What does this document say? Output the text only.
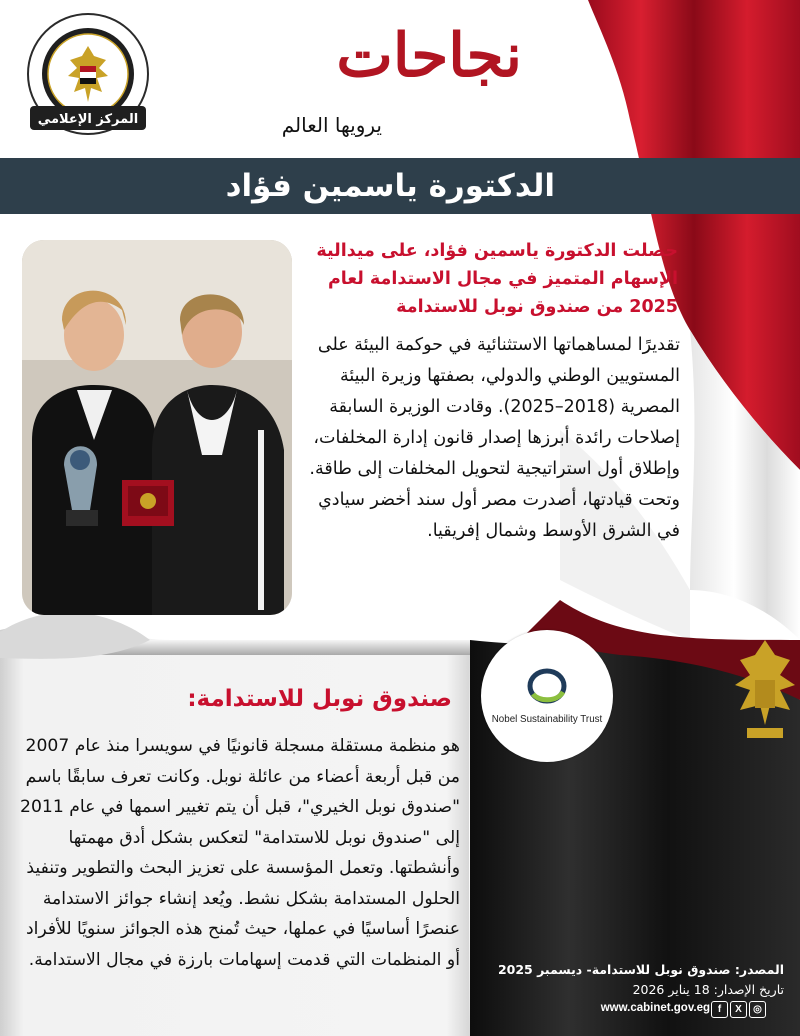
المركز الإعلامي
نجاحات
يرويها العالم
الدكتورة ياسمين فؤاد
حصلت الدكتورة ياسمين فؤاد، على ميدالية الإسهام المتميز في مجال الاستدامة لعام 2025 من صندوق نوبل للاستدامة
تقديرًا لمساهماتها الاستثنائية في حوكمة البيئة على المستويين الوطني والدولي، بصفتها وزيرة البيئة المصرية (2018–2025). وقادت الوزيرة السابقة إصلاحات رائدة أبرزها إصدار قانون إدارة المخلفات، وإطلاق أول استراتيجية لتحويل المخلفات إلى طاقة. وتحت قيادتها، أصدرت مصر أول سند أخضر سيادي في الشرق الأوسط وشمال إفريقيا.
Nobel Sustainability Trust
صندوق نوبل للاستدامة:
هو منظمة مستقلة مسجلة قانونيًا في سويسرا منذ عام 2007 من قبل أربعة أعضاء من عائلة نوبل. وكانت تعرف سابقًا باسم "صندوق نوبل الخيري"، قبل أن يتم تغيير اسمها في عام 2011 إلى "صندوق نوبل للاستدامة" لتعكس بشكل أدق مهمتها وأنشطتها. وتعمل المؤسسة على تعزيز البحث والتطوير وتنفيذ الحلول المستدامة بشكل نشط. ويُعد إنشاء جوائز الاستدامة عنصرًا أساسيًا في عملها، حيث تُمنح هذه الجوائز سنويًا للأفراد أو المنظمات التي قدمت إسهامات بارزة في مجال الاستدامة.	المصدر: صندوق نوبل للاستدامة- ديسمبر 2025
تاريخ الإصدار: 18 يناير 2026
www.cabinet.gov.eg f	X	◎
